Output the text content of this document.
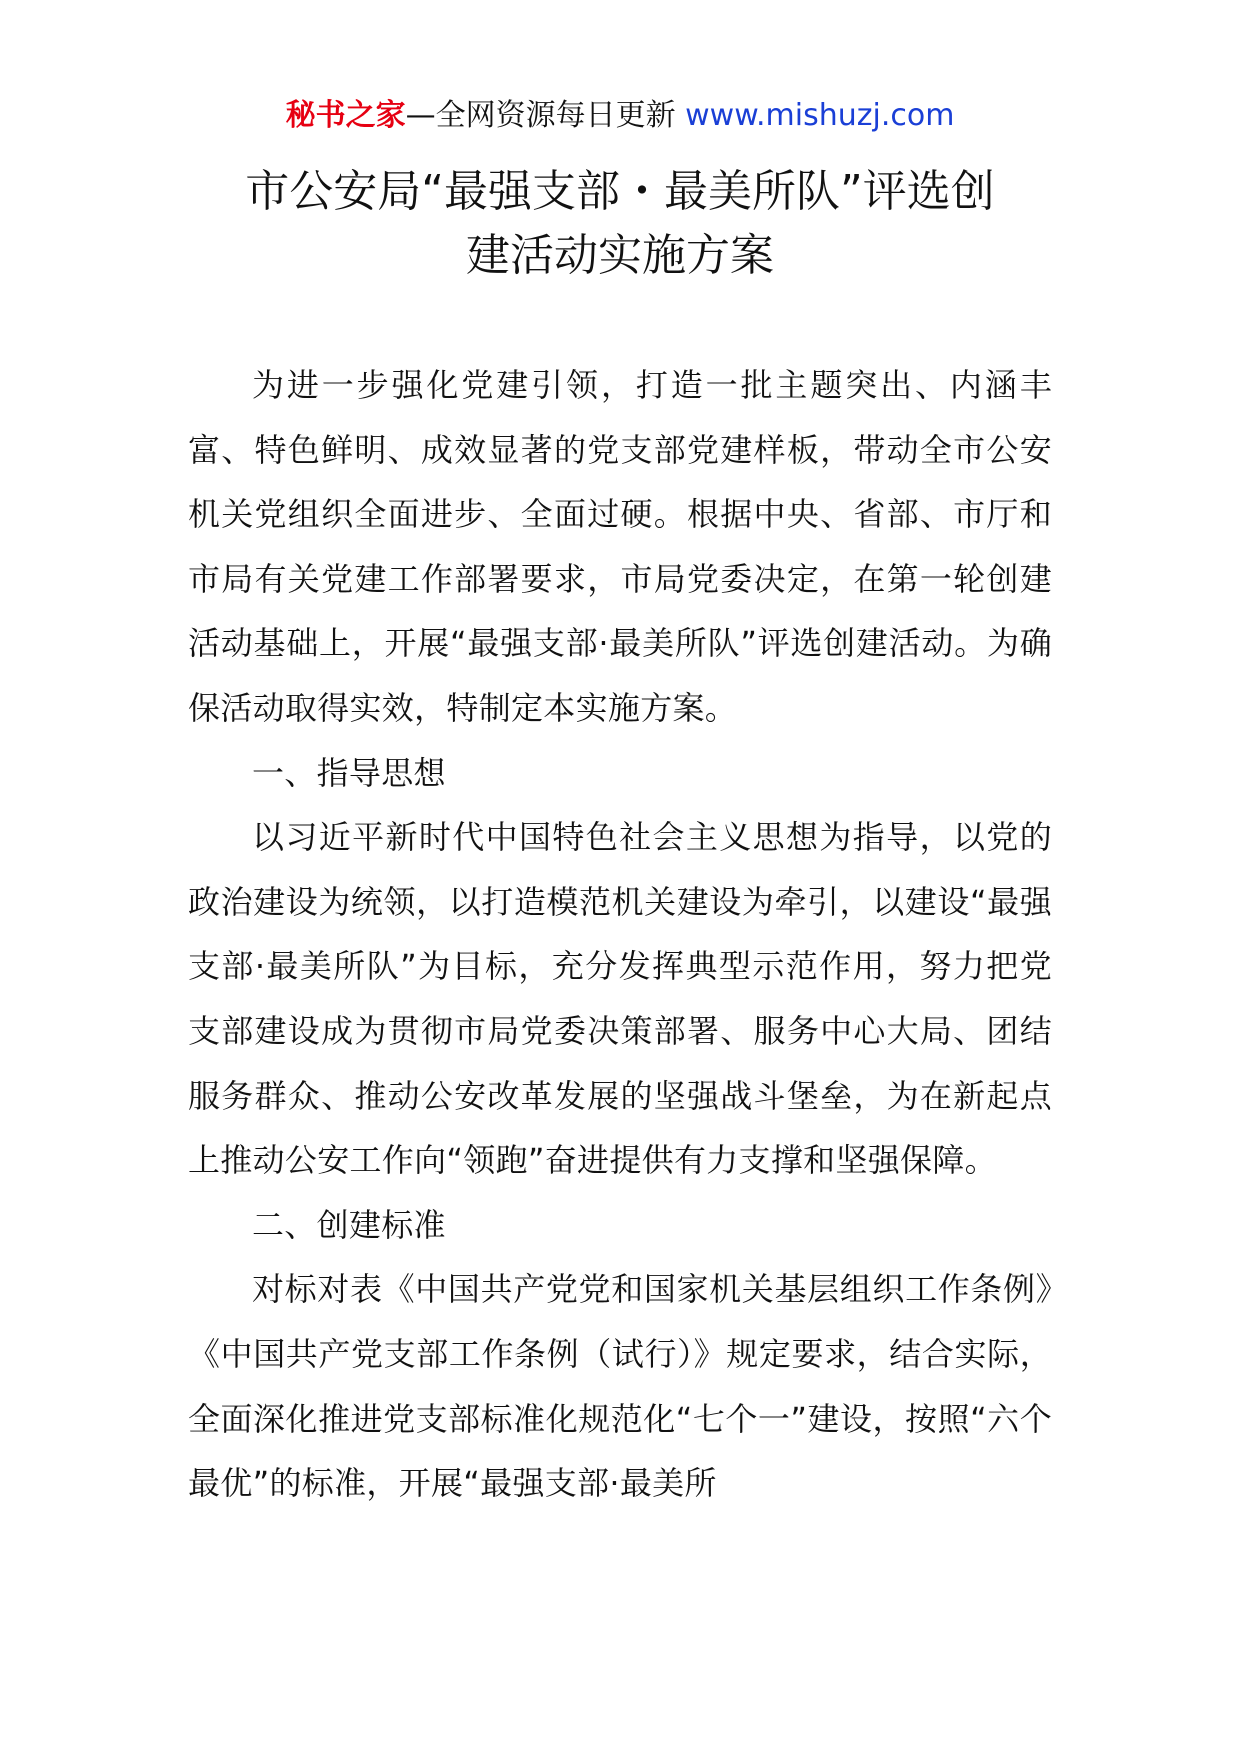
秘书之家—全网资源每日更新 www.mishuzj.com
市公安局“最强支部・最美所队”评选创
建活动实施方案

为进一步强化党建引领，打造一批主题突出、内涵丰富、特色鲜明、成效显著的党支部党建样板，带动全市公安机关党组织全面进步、全面过硬。根据中央、省部、市厅和市局有关党建工作部署要求，市局党委决定，在第一轮创建活动基础上，开展“最强支部·最美所队”评选创建活动。为确保活动取得实效，特制定本实施方案。

一、指导思想

以习近平新时代中国特色社会主义思想为指导，以党的政治建设为统领，以打造模范机关建设为牵引，以建设“最强支部·最美所队”为目标，充分发挥典型示范作用，努力把党支部建设成为贯彻市局党委决策部署、服务中心大局、团结服务群众、推动公安改革发展的坚强战斗堡垒，为在新起点上推动公安工作向“领跑”奋进提供有力支撑和坚强保障。

二、创建标准

对标对表《中国共产党党和国家机关基层组织工作条例》《中国共产党支部工作条例（试行）》规定要求，结合实际，全面深化推进党支部标准化规范化“七个一”建设，按照“六个最优”的标准，开展“最强支部·最美所
